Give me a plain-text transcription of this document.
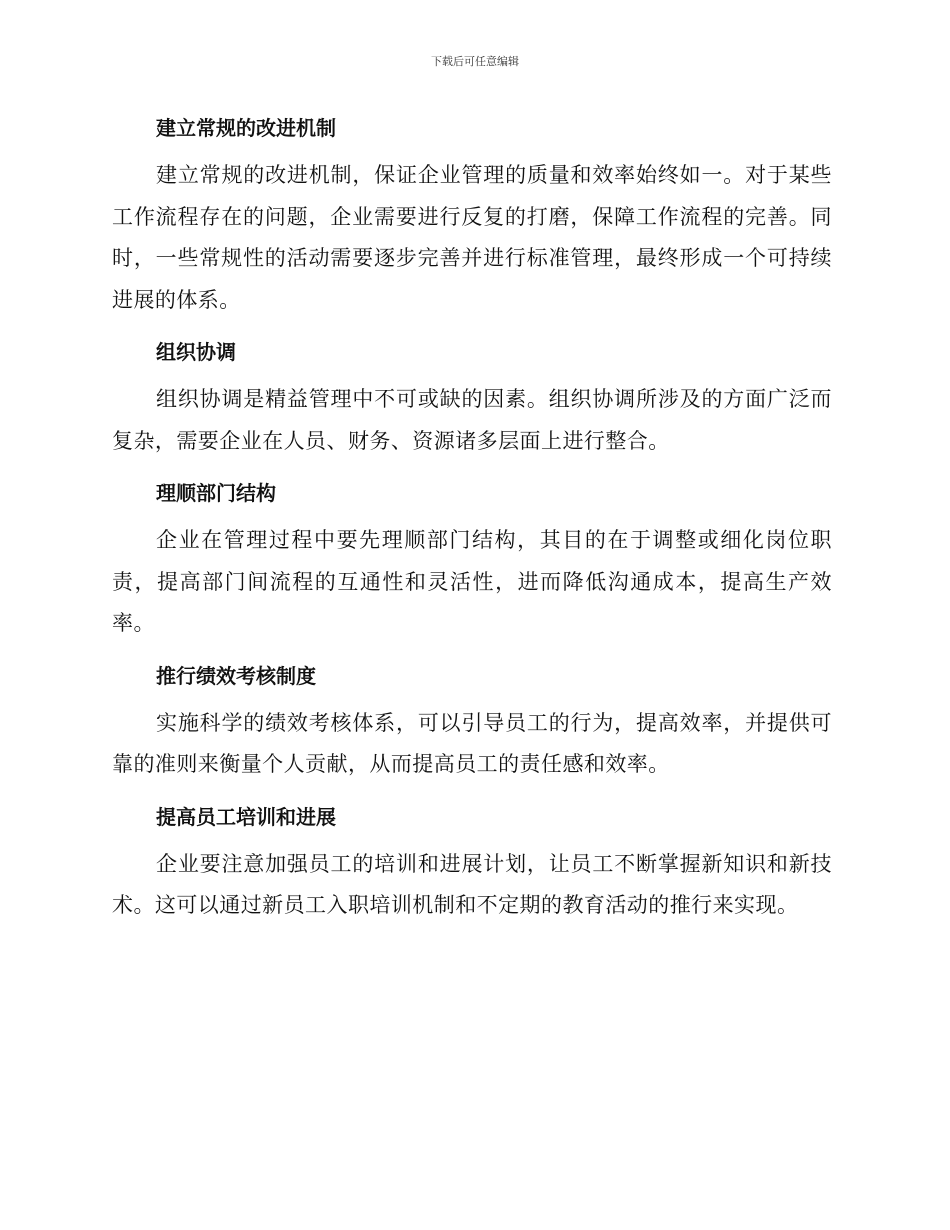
下载后可任意编辑
建立常规的改进机制

建立常规的改进机制，保证企业管理的质量和效率始终如一。对于某些工作流程存在的问题，企业需要进行反复的打磨，保障工作流程的完善。同时，一些常规性的活动需要逐步完善并进行标准管理，最终形成一个可持续进展的体系。

组织协调

组织协调是精益管理中不可或缺的因素。组织协调所涉及的方面广泛而复杂，需要企业在人员、财务、资源诸多层面上进行整合。

理顺部门结构

企业在管理过程中要先理顺部门结构，其目的在于调整或细化岗位职责，提高部门间流程的互通性和灵活性，进而降低沟通成本，提高生产效率。

推行绩效考核制度

实施科学的绩效考核体系，可以引导员工的行为，提高效率，并提供可靠的准则来衡量个人贡献，从而提高员工的责任感和效率。

提高员工培训和进展

企业要注意加强员工的培训和进展计划，让员工不断掌握新知识和新技术。这可以通过新员工入职培训机制和不定期的教育活动的推行来实现。
